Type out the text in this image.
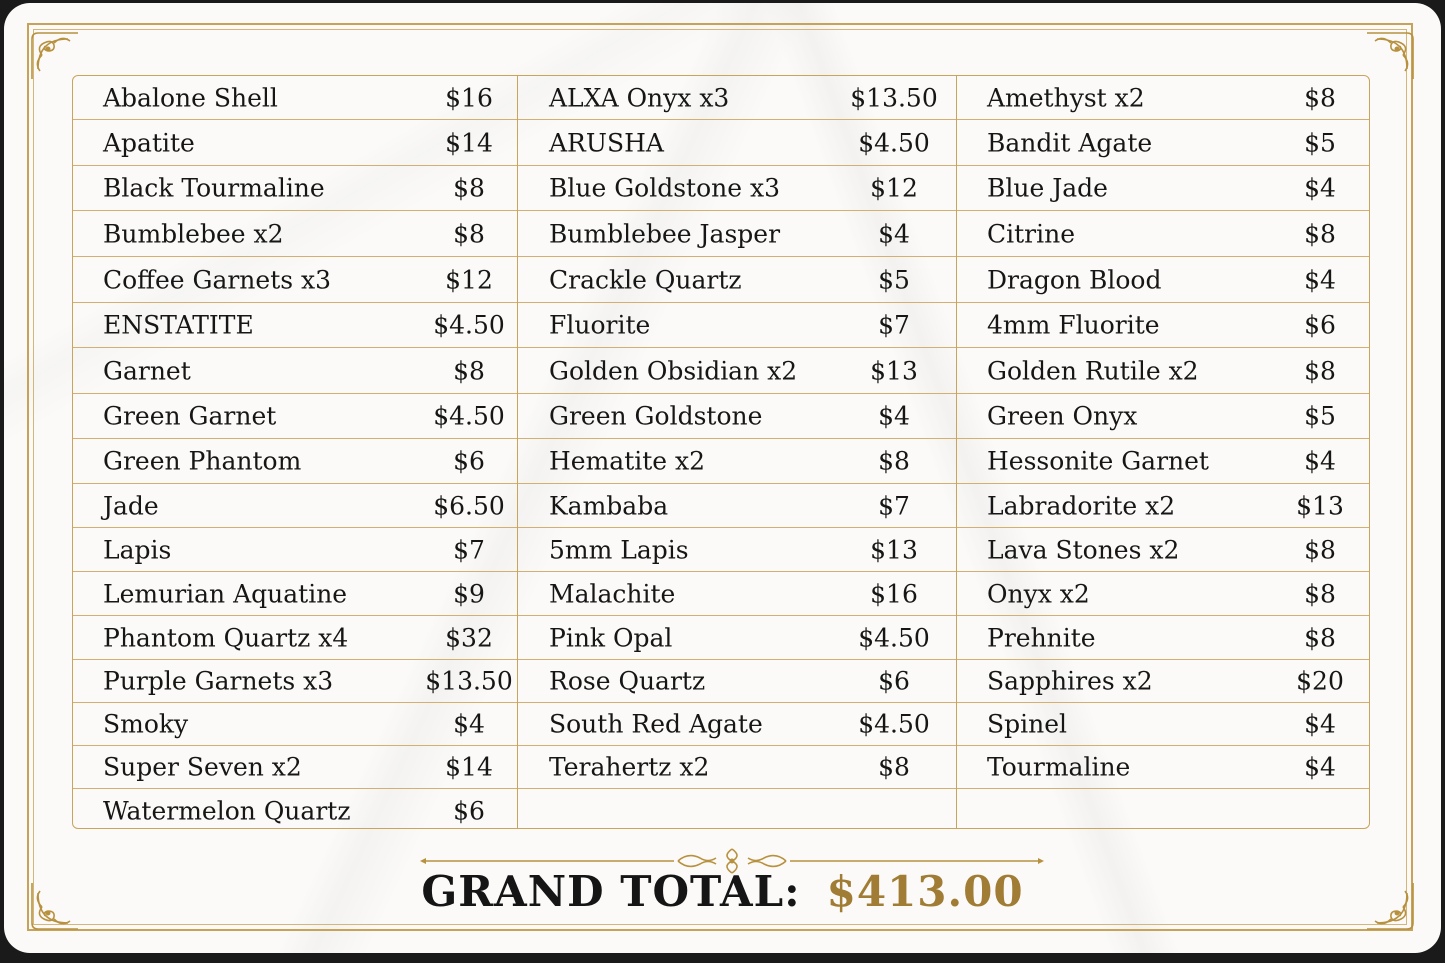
Abalone Shell	$16
Apatite	$14
Black Tourmaline	$8
Bumblebee x2	$8
Coffee Garnets x3	$12
ENSTATITE	$4.50
Garnet	$8
Green Garnet	$4.50
Green Phantom	$6
Jade	$6.50
Lapis	$7
Lemurian Aquatine	$9
Phantom Quartz x4	$32
Purple Garnets x3	$13.50
Smoky	$4
Super Seven x2	$14
Watermelon Quartz	$6
ALXA Onyx x3	$13.50
ARUSHA	$4.50
Blue Goldstone x3	$12
Bumblebee Jasper	$4
Crackle Quartz	$5
Fluorite	$7
Golden Obsidian x2	$13
Green Goldstone	$4
Hematite x2	$8
Kambaba	$7
5mm Lapis	$13
Malachite	$16
Pink Opal	$4.50
Rose Quartz	$6
South Red Agate	$4.50
Terahertz x2	$8
Amethyst x2	$8
Bandit Agate	$5
Blue Jade	$4
Citrine	$8
Dragon Blood	$4
4mm Fluorite	$6
Golden Rutile x2	$8
Green Onyx	$5
Hessonite Garnet	$4
Labradorite x2	$13
Lava Stones x2	$8
Onyx x2	$8
Prehnite	$8
Sapphires x2	$20
Spinel	$4
Tourmaline	$4
GRAND TOTAL: $413.00
